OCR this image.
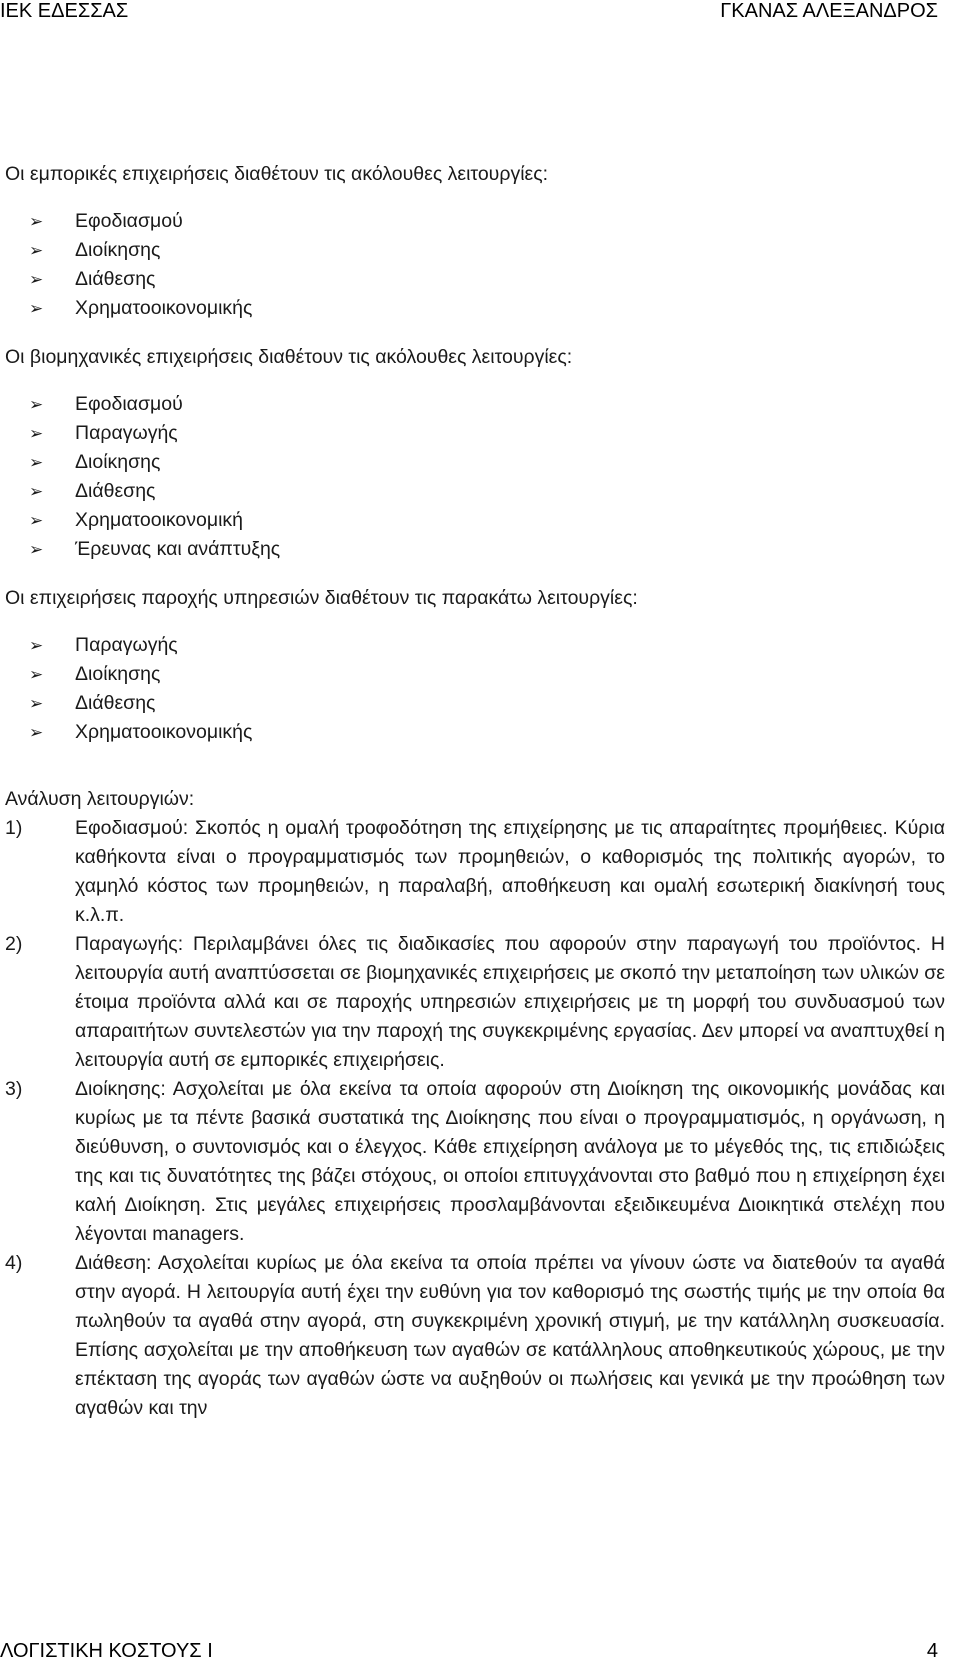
ΙΕΚ ΕΔΕΣΣΑΣ	ΓΚΑΝΑΣ ΑΛΕΞΑΝΔΡΟΣ

Οι εμπορικές επιχειρήσεις διαθέτουν τις ακόλουθες λειτουργίες:

➢ Εφοδιασμού
➢ Διοίκησης
➢ Διάθεσης
➢ Χρηματοοικονομικής

Οι βιομηχανικές επιχειρήσεις διαθέτουν τις ακόλουθες λειτουργίες:

➢ Εφοδιασμού
➢ Παραγωγής
➢ Διοίκησης
➢ Διάθεσης
➢ Χρηματοοικονομική
➢ Έρευνας και ανάπτυξης

Οι επιχειρήσεις παροχής υπηρεσιών διαθέτουν τις παρακάτω λειτουργίες:

➢ Παραγωγής
➢ Διοίκησης
➢ Διάθεσης
➢ Χρηματοοικονομικής

Ανάλυση λειτουργιών:

1)	Εφοδιασμού: Σκοπός η ομαλή τροφοδότηση της επιχείρησης με τις απαραίτητες προμήθειες. Κύρια καθήκοντα είναι ο προγραμματισμός των προμηθειών, ο καθορισμός της πολιτικής αγορών, το χαμηλό κόστος των προμηθειών, η παραλαβή, αποθήκευση και ομαλή εσωτερική διακίνησή τους κ.λ.π.
2)	Παραγωγής: Περιλαμβάνει όλες τις διαδικασίες που αφορούν στην παραγωγή του προϊόντος. Η λειτουργία αυτή αναπτύσσεται σε βιομηχανικές επιχειρήσεις με σκοπό την μεταποίηση των υλικών σε έτοιμα προϊόντα αλλά και σε παροχής υπηρεσιών επιχειρήσεις με τη μορφή του συνδυασμού των απαραιτήτων συντελεστών για την παροχή της συγκεκριμένης εργασίας. Δεν μπορεί να αναπτυχθεί η λειτουργία αυτή σε εμπορικές επιχειρήσεις.
3)	Διοίκησης: Ασχολείται με όλα εκείνα τα οποία αφορούν στη Διοίκηση της οικονομικής μονάδας και κυρίως με τα πέντε βασικά συστατικά της Διοίκησης που είναι ο προγραμματισμός, η οργάνωση, η διεύθυνση, ο συντονισμός και ο έλεγχος. Κάθε επιχείρηση ανάλογα με το μέγεθός της, τις επιδιώξεις της και τις δυνατότητες της βάζει στόχους, οι οποίοι επιτυγχάνονται στο βαθμό που η επιχείρηση έχει καλή Διοίκηση. Στις μεγάλες επιχειρήσεις προσλαμβάνονται εξειδικευμένα Διοικητικά στελέχη που λέγονται managers.
4)	Διάθεση: Ασχολείται κυρίως με όλα εκείνα τα οποία πρέπει να γίνουν ώστε να διατεθούν τα αγαθά στην αγορά. Η λειτουργία αυτή έχει την ευθύνη για τον καθορισμό της σωστής τιμής με την οποία θα πωληθούν τα αγαθά στην αγορά, στη συγκεκριμένη χρονική στιγμή, με την κατάλληλη συσκευασία. Επίσης ασχολείται με την αποθήκευση των αγαθών σε κατάλληλους αποθηκευτικούς χώρους, με την επέκταση της αγοράς των αγαθών ώστε να αυξηθούν οι πωλήσεις και γενικά με την προώθηση των αγαθών και την
ΛΟΓΙΣΤΙΚΗ ΚΟΣΤΟΥΣ Ι	4
